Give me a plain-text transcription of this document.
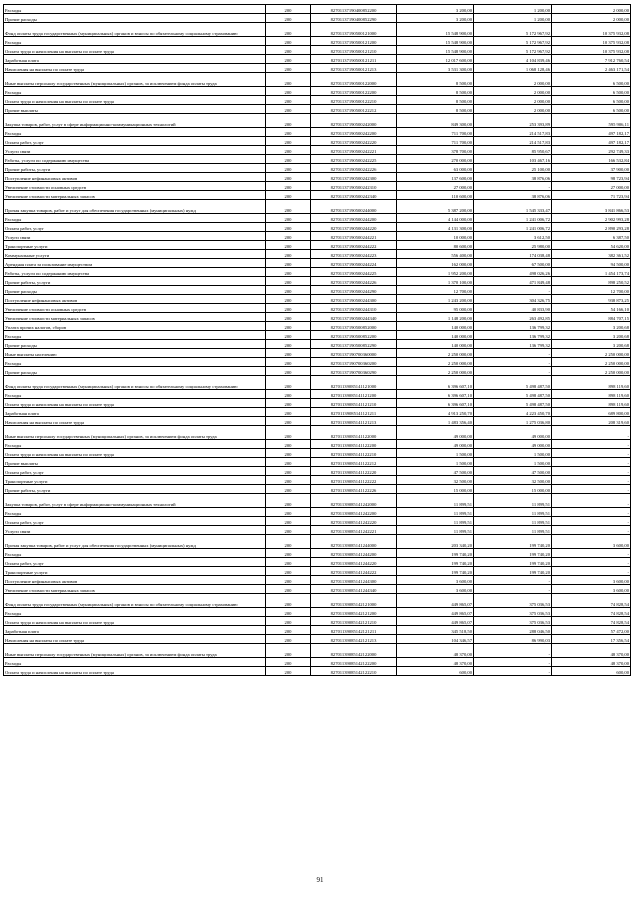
Расходы	200	82701137190400852200	3 200,00	1 200,00	2 000,00
Прочие расходы	200	82701137190400852290	3 200,00	1 200,00	2 000,00
Фонд оплаты труда государственных (муниципальных) органов и взносы по обязательному социальному страхованию	200	82701137190500121000	15 548 900,00	5 172 967,92	10 375 932,08
Расходы	200	82701137190500121200	15 548 900,00	5 172 967,92	10 375 932,08
Оплата труда и начисления на выплаты по оплате труда	200	82701137190500121210	15 548 900,00	5 172 967,92	10 375 932,08
Заработная плата	200	82701137190500121211	12 017 600,00	4 104 839,46	7 912 760,54
Начисления на выплаты по оплате труда	200	82701137190500121213	3 531 300,00	1 068 128,46	2 463 171,54
Иные выплаты персоналу государственных (муниципальных) органов, за исключением фонда оплаты труда	200	82701137190500122000	8 500,00	2 000,00	6 500,00
Расходы	200	82701137190500122200	8 500,00	2 000,00	6 500,00
Оплата труда и начисления на выплаты по оплате труда	200	82701137190500122210	8 500,00	2 000,00	6 500,00
Прочие выплаты	200	82701137190500122212	8 500,00	2 000,00	6 500,00
Закупка товаров, работ, услуг в сфере информационно-коммуникационных технологий	200	82701137190500242000	849 300,00	253 393,89	595 906,11
Расходы	200	82701137190500242200	711 700,00	214 517,83	497 182,17
Оплата работ, услуг	200	82701137190500242220	711 700,00	214 517,83	497 182,17
Услуги связи	200	82701137190500242221	378 700,00	85 950,67	292 749,33
Работы, услуги по содержанию имущества	200	82701137190500242225	270 000,00	103 467,16	166 532,84
Прочие работы, услуги	200	82701137190500242226	63 000,00	25 100,00	37 900,00
Поступление нефинансовых активов	200	82701137190500242300	137 600,00	38 876,06	98 723,94
Увеличение стоимости основных средств	200	82701137190500242310	27 000,00	-	27 000,00
Увеличение стоимости материальных запасов	200	82701137190500242340	110 600,00	38 876,06	71 723,94
Прочая закупка товаров, работ и услуг для обеспечения государственных (муниципальных) нужд	200	82701137190500244000	5 387 200,00	1 545 333,47	3 841 866,53
Расходы	200	82701137190500244200	4 144 000,00	1 241 006,72	2 902 993,28
Оплата работ, услуг	200	82701137190500244220	4 131 300,00	1 241 006,72	2 890 293,28
Услуги связи	200	82701137190500244221	10 000,00	3 612,50	6 387,50
Транспортные услуги	200	82701137190500244222	80 600,00	25 980,00	54 620,00
Коммунальные услуги	200	82701137190500244223	556 400,00	174 038,48	382 361,52
Арендная плата за пользование имуществом	200	82701137190500244224	162 000,00	67 500,00	94 500,00
Работы, услуги по содержанию имущества	200	82701137190500244225	1 952 200,00	498 026,26	1 454 173,74
Прочие работы, услуги	200	82701137190500244226	1 370 100,00	471 849,48	898 250,52
Прочие расходы	200	82701137190500244290	12 700,00	-	12 700,00
Поступление нефинансовых активов	200	82701137190500244300	1 243 200,00	304 326,75	938 873,25
Увеличение стоимости основных средств	200	82701137190500244310	95 000,00	40 833,90	54 166,10
Увеличение стоимости материальных запасов	200	82701137190500244340	1 148 200,00	263 492,85	884 707,15
Уплата прочих налогов, сборов	200	82701137190500852000	140 000,00	136 799,32	3 200,68
Расходы	200	82701137190500852200	140 000,00	136 799,32	3 200,68
Прочие расходы	200	82701137190500852290	140 000,00	136 799,32	3 200,68
Иные выплаты населению	200	82701137190700360000	2 250 000,00	-	2 250 000,00
Расходы	200	82701137190700360200	2 250 000,00	-	2 250 000,00
Прочие расходы	200	82701137190700360290	2 250 000,00	-	2 250 000,00
Фонд оплаты труда государственных (муниципальных) органов и взносы по обязательному социальному страхованию	200	82701139085141121000	6 396 607,10	5 498 487,50	898 119,60
Расходы	200	82701139085141121200	6 396 607,10	5 498 487,50	898 119,60
Оплата труда и начисления на выплаты по оплате труда	200	82701139085141121210	6 396 607,10	5 498 487,50	898 119,60
Заработная плата	200	82701139085141121211	4 913 250,70	4 223 450,70	689 800,00
Начисления на выплаты по оплате труда	200	82701139085141121213	1 483 356,40	1 275 036,80	208 319,60
Иные выплаты персоналу государственных (муниципальных) органов, за исключением фонда оплаты труда	200	82701139085141122000	49 000,00	49 000,00	-
Расходы	200	82701139085141122200	49 000,00	49 000,00	-
Оплата труда и начисления на выплаты по оплате труда	200	82701139085141122210	1 500,00	1 500,00	-
Прочие выплаты	200	82701139085141122212	1 500,00	1 500,00	-
Оплата работ, услуг	200	82701139085141122220	47 500,00	47 500,00	-
Транспортные услуги	200	82701139085141122222	32 500,00	32 500,00	-
Прочие работы, услуги	200	82701139085141122226	15 000,00	15 000,00	-
Закупка товаров, работ, услуг в сфере информационно-коммуникационных технологий	200	82701139085141242000	11 899,51	11 899,51	-
Расходы	200	82701139085141242200	11 899,51	11 899,51	-
Оплата работ, услуг	200	82701139085141242220	11 899,51	11 899,51	-
Услуги связи	200	82701139085141242221	11 899,51	11 899,51	-
Прочая закупка товаров, работ и услуг для обеспечения государственных (муниципальных) нужд	200	82701139085141244000	203 340,20	199 740,20	3 600,00
Расходы	200	82701139085141244200	199 740,20	199 740,20	-
Оплата работ, услуг	200	82701139085141244220	199 740,20	199 740,20	-
Транспортные услуги	200	82701139085141244222	199 740,20	199 740,20	-
Поступление нефинансовых активов	200	82701139085141244300	3 600,00	-	3 600,00
Увеличение стоимости материальных запасов	200	82701139085141244340	3 600,00	-	3 600,00
Фонд оплаты труда государственных (муниципальных) органов и взносы по обязательному социальному страхованию	200	82701139085142121000	449 865,07	375 036,53	74 828,54
Расходы	200	82701139085142121200	449 865,07	375 036,53	74 828,54
Оплата труда и начисления на выплаты по оплате труда	200	82701139085142121210	449 865,07	375 036,53	74 828,54
Заработная плата	200	82701139085142121211	345 518,50	288 046,50	57 472,00
Начисления на выплаты по оплате труда	200	82701139085142121213	104 346,57	86 990,03	17 356,54
Иные выплаты персоналу государственных (муниципальных) органов, за исключением фонда оплаты труда	200	82701139085142122000	48 370,00	-	48 370,00
Расходы	200	82701139085142122200	48 370,00	-	48 370,00
Оплата труда и начисления на выплаты по оплате труда	200	82701139085142122210	600,00	-	600,00
91
